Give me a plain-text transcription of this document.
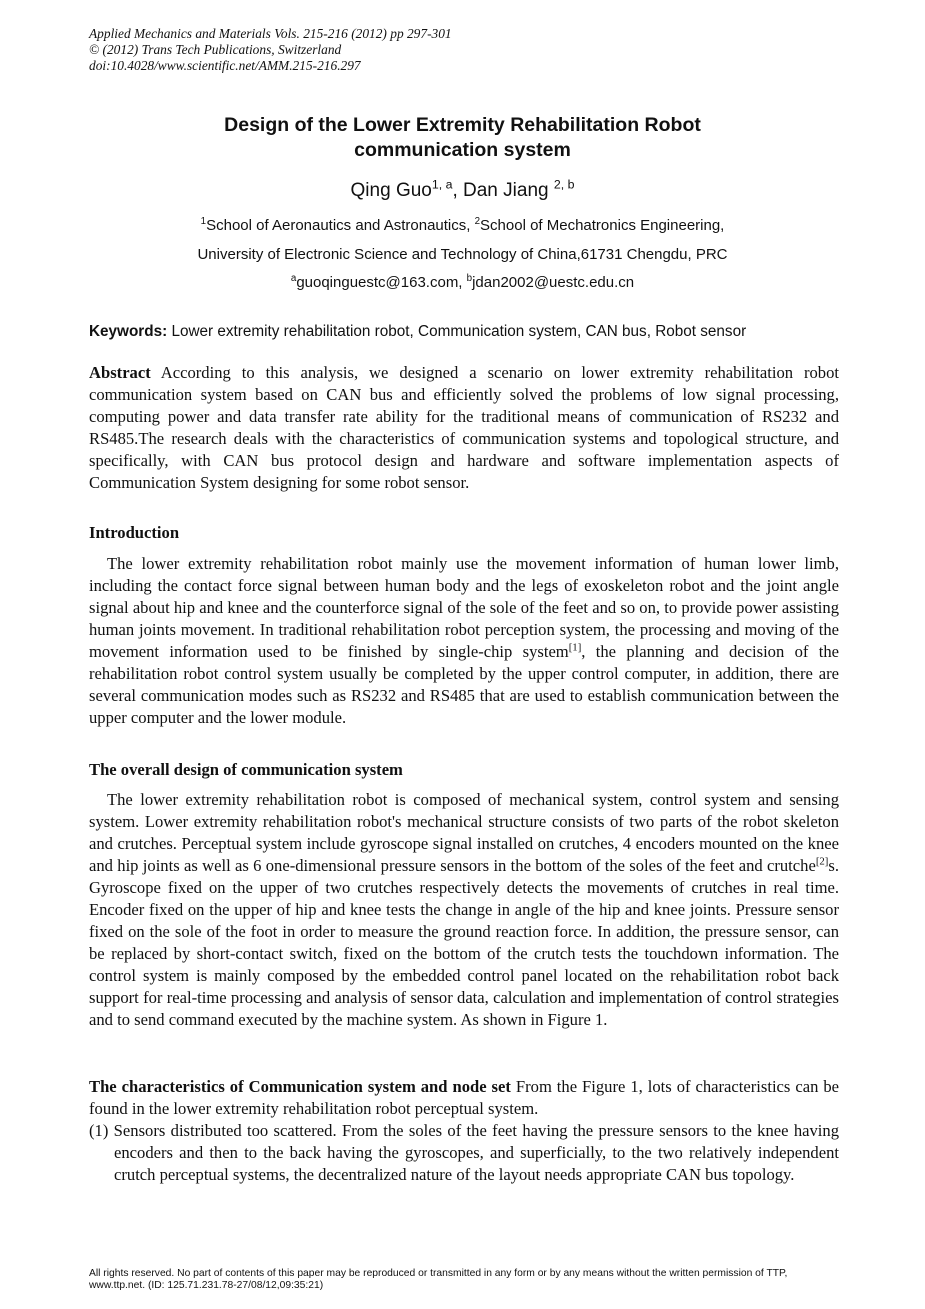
Applied Mechanics and Materials Vols. 215-216 (2012) pp 297-301
© (2012) Trans Tech Publications, Switzerland
doi:10.4028/www.scientific.net/AMM.215-216.297
Design of the Lower Extremity Rehabilitation Robot
communication system
Qing Guo$^{1, a}$, Dan Jiang $^{2, b}$
$^1$School of Aeronautics and Astronautics, $^2$School of Mechatronics Engineering,
University of Electronic Science and Technology of China,61731 Chengdu, PRC
$^a$guoqinguestc@163.com, $^b$jdan2002@uestc.edu.cn
Keywords: Lower extremity rehabilitation robot, Communication system, CAN bus, Robot sensor

Abstract According to this analysis, we designed a scenario on lower extremity rehabilitation robot communication system based on CAN bus and efficiently solved the problems of low signal processing, computing power and data transfer rate ability for the traditional means of communication of RS232 and RS485.The research deals with the characteristics of communication systems and topological structure, and specifically, with CAN bus protocol design and hardware and software implementation aspects of Communication System designing for some robot sensor.

Introduction

The lower extremity rehabilitation robot mainly use the movement information of human lower limb, including the contact force signal between human body and the legs of exoskeleton robot and the joint angle signal about hip and knee and the counterforce signal of the sole of the feet and so on, to provide power assisting human joints movement. In traditional rehabilitation robot perception system, the processing and moving of the movement information used to be finished by single-chip system[1], the planning and decision of the rehabilitation robot control system usually be completed by the upper control computer, in addition, there are several communication modes such as RS232 and RS485 that are used to establish communication between the upper computer and the lower module.

The overall design of communication system

The lower extremity rehabilitation robot is composed of mechanical system, control system and sensing system. Lower extremity rehabilitation robot's mechanical structure consists of two parts of the robot skeleton and crutches. Perceptual system include gyroscope signal installed on crutches, 4 encoders mounted on the knee and hip joints as well as 6 one-dimensional pressure sensors in the bottom of the soles of the feet and crutche[2]s. Gyroscope fixed on the upper of two crutches respectively detects the movements of crutches in real time. Encoder fixed on the upper of hip and knee tests the change in angle of the hip and knee joints. Pressure sensor fixed on the sole of the foot in order to measure the ground reaction force. In addition, the pressure sensor, can be replaced by short-contact switch, fixed on the bottom of the crutch tests the touchdown information. The control system is mainly composed by the embedded control panel located on the rehabilitation robot back support for real-time processing and analysis of sensor data, calculation and implementation of control strategies and to send command executed by the machine system. As shown in Figure 1.

The characteristics of Communication system and node set From the Figure 1, lots of characteristics can be found in the lower extremity rehabilitation robot perceptual system.

(1) Sensors distributed too scattered. From the soles of the feet having the pressure sensors to the knee having encoders and then to the back having the gyroscopes, and superficially, to the two relatively independent crutch perceptual systems, the decentralized nature of the layout needs appropriate CAN bus topology.

All rights reserved. No part of contents of this paper may be reproduced or transmitted in any form or by any means without the written permission of TTP,
www.ttp.net. (ID: 125.71.231.78-27/08/12,09:35:21)
